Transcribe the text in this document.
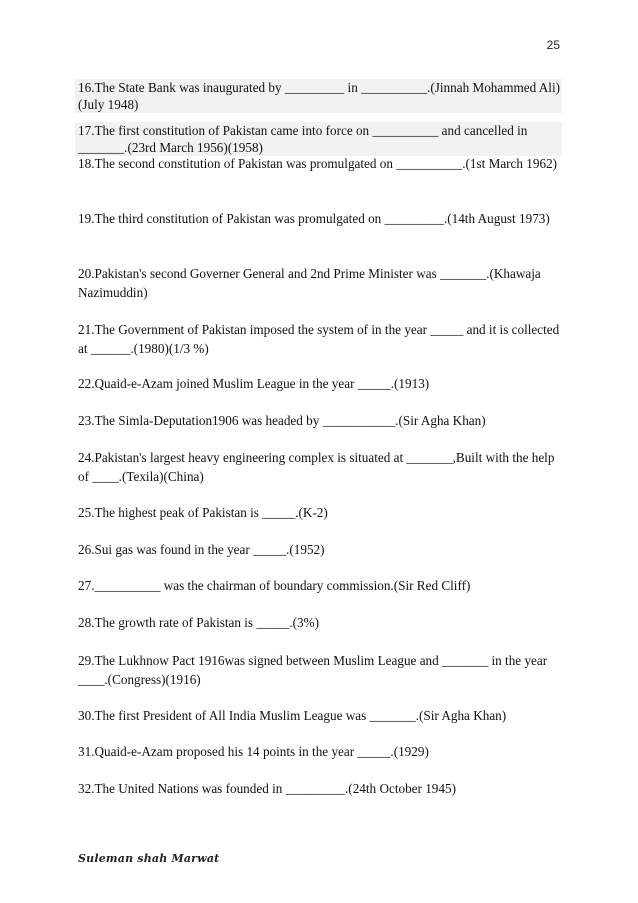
25

16.The State Bank was inaugurated by _________ in __________.(Jinnah Mohammed Ali)(July 1948)

17.The first constitution of Pakistan came into force on __________ and cancelled in _______.(23rd March 1956)(1958)

18.The second constitution of Pakistan was promulgated on __________.(1st March 1962)

19.The third constitution of Pakistan was promulgated on _________.(14th August 1973)

20.Pakistan's second Governer General and 2nd Prime Minister was _______.(Khawaja Nazimuddin)

21.The Government of Pakistan imposed the system of in the year _____ and it is collected at ______.(1980)(1/3 %)

22.Quaid-e-Azam joined Muslim League in the year _____.(1913)

23.The Simla-Deputation1906 was headed by ___________.(Sir Agha Khan)

24.Pakistan's largest heavy engineering complex is situated at _______,Built with the help of ____.(Texila)(China)

25.The highest peak of Pakistan is _____.(K-2)

26.Sui gas was found in the year _____.(1952)

27.__________ was the chairman of boundary commission.(Sir Red Cliff)

28.The growth rate of Pakistan is _____.(3%)

29.The Lukhnow Pact 1916was signed between Muslim League and _______ in the year ____.(Congress)(1916)

30.The first President of All India Muslim League was _______.(Sir Agha Khan)

31.Quaid-e-Azam proposed his 14 points in the year _____.(1929)

32.The United Nations was founded in _________.(24th October 1945)

Suleman shah Marwat
